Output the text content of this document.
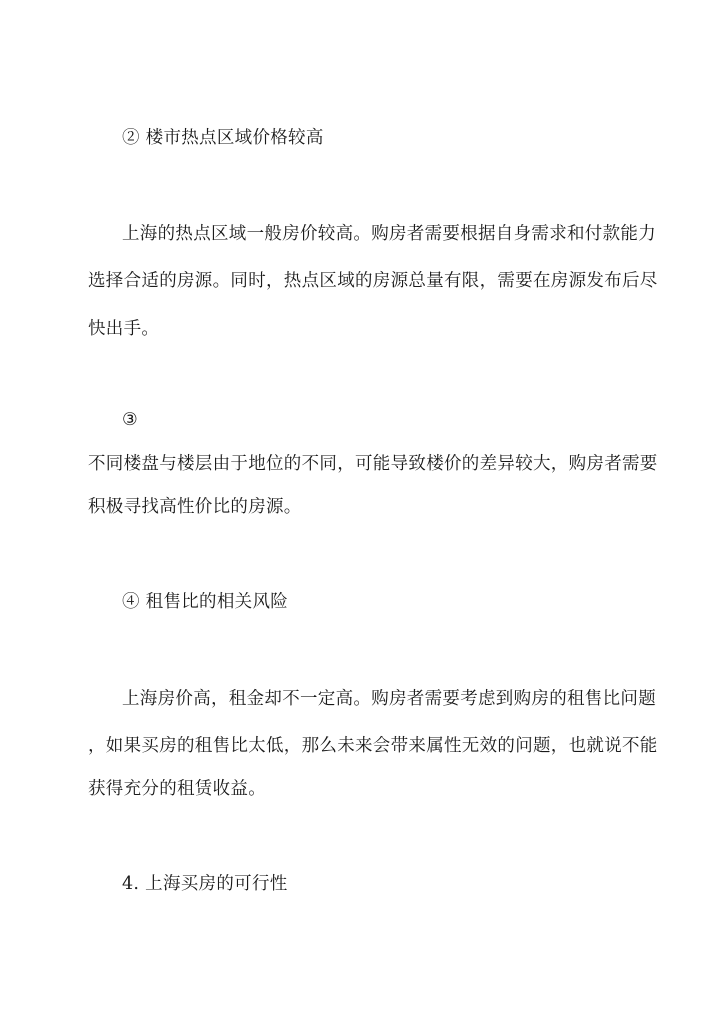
② 楼市热点区域价格较高
上海的热点区域一般房价较高。购房者需要根据自身需求和付款能力
选择合适的房源。同时，热点区域的房源总量有限，需要在房源发布后尽
快出手。
③
不同楼盘与楼层由于地位的不同，可能导致楼价的差异较大，购房者需要
积极寻找高性价比的房源。
④ 租售比的相关风险
上海房价高，租金却不一定高。购房者需要考虑到购房的租售比问题
，如果买房的租售比太低，那么未来会带来属性无效的问题，也就说不能
获得充分的租赁收益。
4. 上海买房的可行性
